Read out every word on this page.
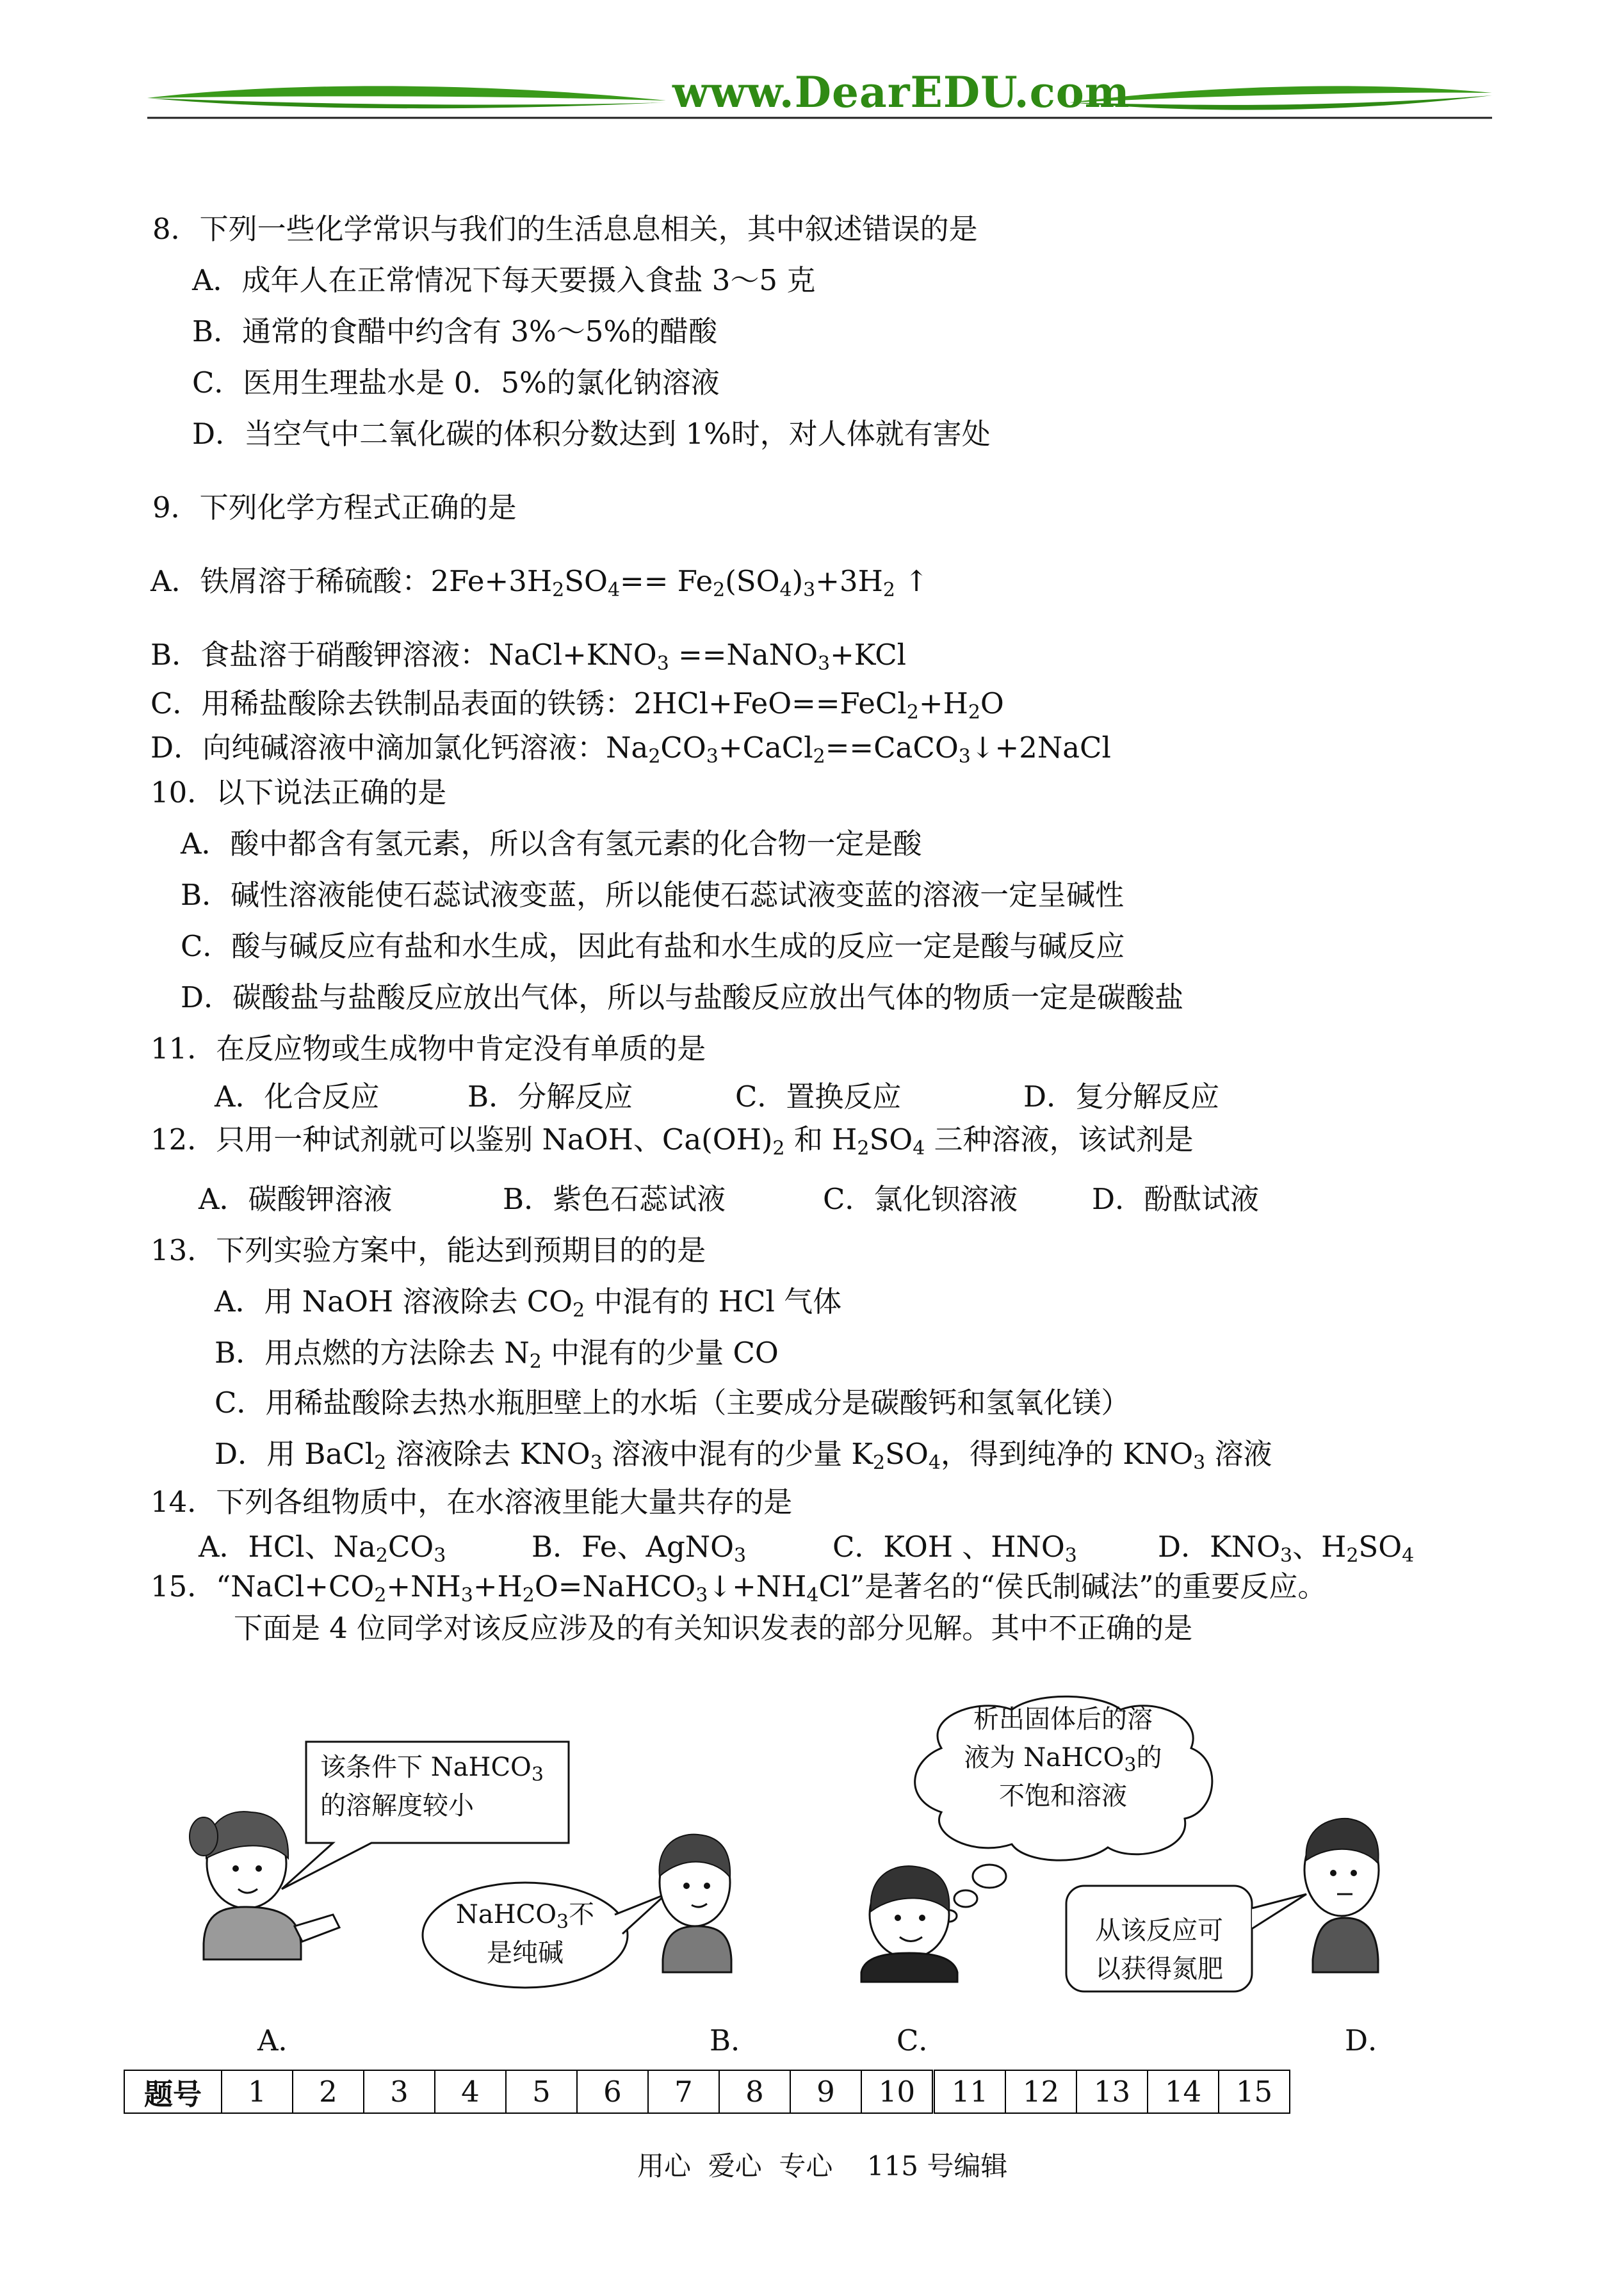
www.DearEDU.com
8．下列一些化学常识与我们的生活息息相关，其中叙述错误的是
A．成年人在正常情况下每天要摄入食盐 3～5 克
B．通常的食醋中约含有 3%～5%的醋酸
C．医用生理盐水是 0．5%的氯化钠溶液
D．当空气中二氧化碳的体积分数达到 1%时，对人体就有害处
9．下列化学方程式正确的是
A．铁屑溶于稀硫酸：$2Fe+3H_2SO_4== Fe_2(SO_4)_3+3H_2$ ↑
B．食盐溶于硝酸钾溶液：$NaCl+KNO_3$ ==NaNO$_3$+KCl
C．用稀盐酸除去铁制品表面的铁锈：$2HCl+FeO==FeCl_2+H_2O$
D．向纯碱溶液中滴加氯化钙溶液：$Na_2CO_3+CaCl_2==CaCO_3↓+2NaCl$
10．以下说法正确的是
A．酸中都含有氢元素，所以含有氢元素的化合物一定是酸
B．碱性溶液能使石蕊试液变蓝，所以能使石蕊试液变蓝的溶液一定呈碱性
C．酸与碱反应有盐和水生成，因此有盐和水生成的反应一定是酸与碱反应
D．碳酸盐与盐酸反应放出气体，所以与盐酸反应放出气体的物质一定是碳酸盐
11．在反应物或生成物中肯定没有单质的是
A．化合反应	B．分解反应	C．置换反应	D．复分解反应
12．只用一种试剂就可以鉴别 NaOH、$Ca(OH)_2$ 和 $H_2SO_4$ 三种溶液，该试剂是
A．碳酸钾溶液	B．紫色石蕊试液	C．氯化钡溶液	D．酚酞试液
13．下列实验方案中，能达到预期目的的是
A．用 NaOH 溶液除去 $CO_2$ 中混有的 HCl 气体
B．用点燃的方法除去 $N_2$ 中混有的少量 CO
C．用稀盐酸除去热水瓶胆壁上的水垢（主要成分是碳酸钙和氢氧化镁）
D．用 BaCl$_2$ 溶液除去 $KNO_3$ 溶液中混有的少量 $K_2SO_4$，得到纯净的 $KNO_3$ 溶液
14．下列各组物质中，在水溶液里能大量共存的是
A．HCl、$Na_2CO_3$	B．Fe、AgNO$_3$	C．KOH 、$HNO_3$	D．$KNO_3$、$H_2SO_4$
15．“$NaCl+CO_2+NH_3+H_2O=NaHCO_3↓+NH_4Cl$”是著名的“侯氏制碱法”的重要反应。
下面是 4 位同学对该反应涉及的有关知识发表的部分见解。其中不正确的是
该条件下 NaHCO$_3$
的溶解度较小
NaHCO$_3$不
是纯碱
析出固体后的溶
液为 NaHCO$_3$的
不饱和溶液
从该反应可
以获得氮肥
A．	B．	C．	D．
题号	1	2	3	4	5	6	7	8	9	10	11	12	13	14	15
用心  爱心  专心    115 号编辑
